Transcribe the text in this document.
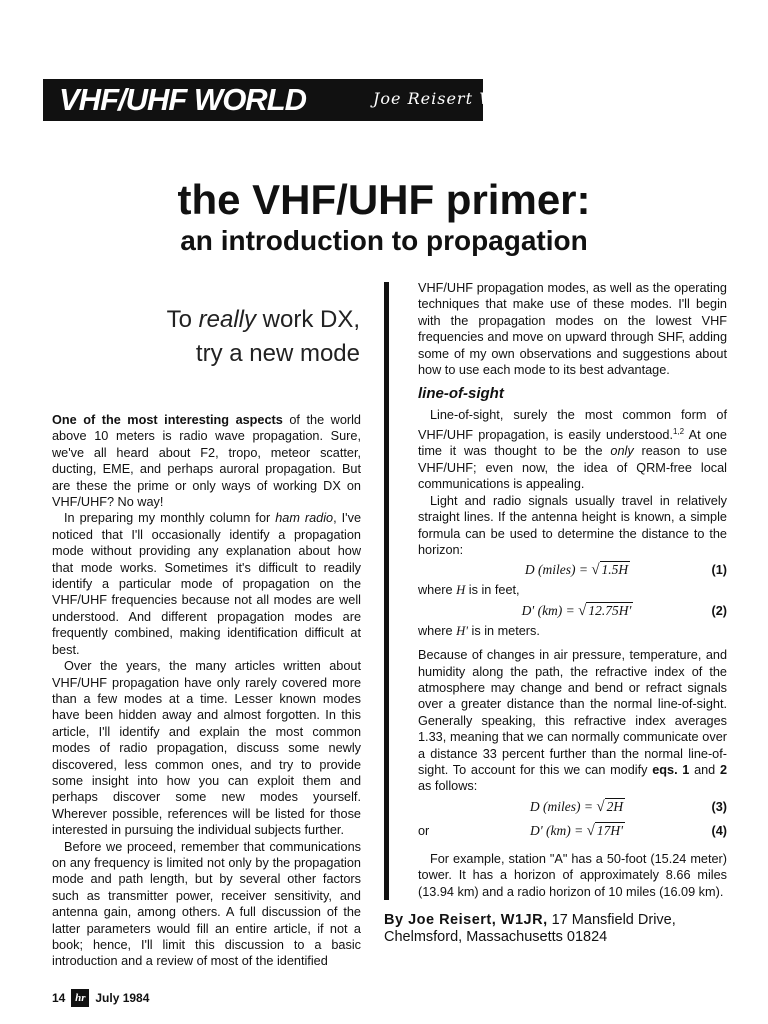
VHF/UHF WORLD	Joe Reisert W1JR
the VHF/UHF primer:
an introduction to propagation
To really work DX,
try a new mode

One of the most interesting aspects of the world above 10 meters is radio wave propagation. Sure, we've all heard about F2, tropo, meteor scatter, ducting, EME, and perhaps auroral propagation. But are these the prime or only ways of working DX on VHF/UHF? No way!

In preparing my monthly column for ham radio, I've noticed that I'll occasionally identify a propagation mode without providing any explanation about how that mode works. Sometimes it's difficult to readily identify a particular mode of propagation on the VHF/UHF frequencies because not all modes are well understood. And different propagation modes are frequently combined, making identification difficult at best.

Over the years, the many articles written about VHF/UHF propagation have only rarely covered more than a few modes at a time. Lesser known modes have been hidden away and almost forgotten. In this article, I'll identify and explain the most common modes of radio propagation, discuss some newly discovered, less common ones, and try to provide some insight into how you can exploit them and perhaps discover some new modes yourself. Wherever possible, references will be listed for those interested in pursuing the individual subjects further.

Before we proceed, remember that communications on any frequency is limited not only by the propagation mode and path length, but by several other factors such as transmitter power, receiver sensitivity, and antenna gain, among others. A full discussion of the latter parameters would fill an entire article, if not a book; hence, I'll limit this discussion to a basic introduction and a review of most of the identified

VHF/UHF propagation modes, as well as the operating techniques that make use of these modes. I'll begin with the propagation modes on the lowest VHF frequencies and move on upward through SHF, adding some of my own observations and suggestions about how to use each mode to its best advantage.

line-of-sight

Line-of-sight, surely the most common form of VHF/UHF propagation, is easily understood.$^{1,2}$ At one time it was thought to be the only reason to use VHF/UHF; even now, the idea of QRM-free local communications is appealing.

Light and radio signals usually travel in relatively straight lines. If the antenna height is known, a simple formula can be used to determine the distance to the horizon:

D (miles) = √ 1.5H	(1)

where H is in feet,

D' (km) = √ 12.75H'	(2)

where H' is in meters.

Because of changes in air pressure, temperature, and humidity along the path, the refractive index of the atmosphere may change and bend or refract signals over a greater distance than the normal line-of-sight. Generally speaking, this refractive index averages 1.33, meaning that we can normally communicate over a distance 33 percent further than the normal line-of-sight. To account for this we can modify eqs. 1 and 2 as follows:

D (miles) = √ 2H	(3)
or	D' (km) = √ 17H'	(4)

For example, station "A" has a 50-foot (15.24 meter) tower. It has a horizon of approximately 8.66 miles (13.94 km) and a radio horizon of 10 miles (16.09 km).

By Joe Reisert, W1JR, 17 Mansfield Drive,
Chelmsford, Massachusetts 01824
14 hr July 1984
